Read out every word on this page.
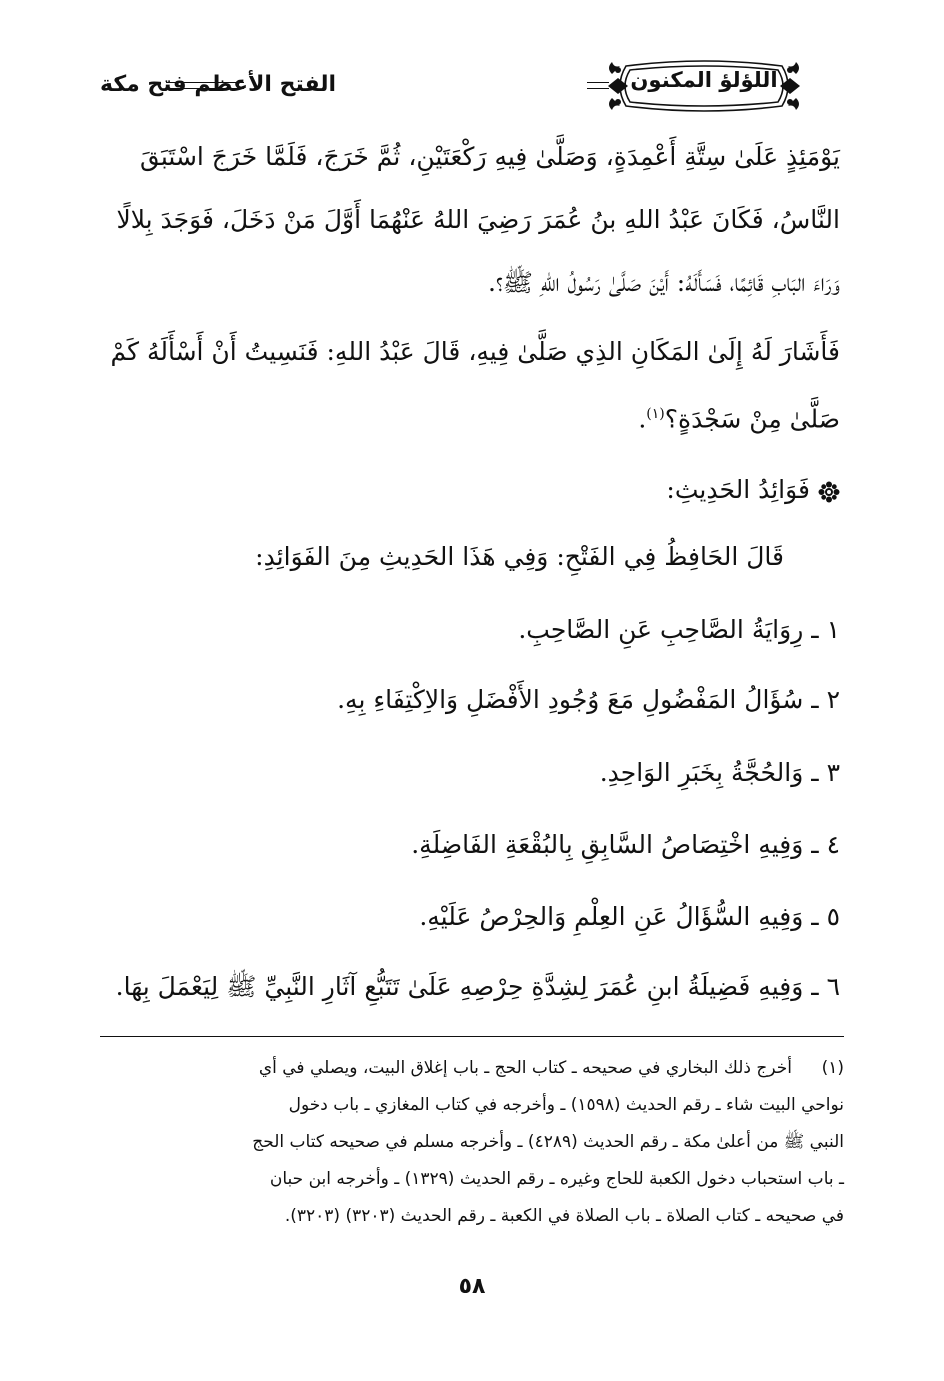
اللؤلؤ المكنون
الفتح الأعظم فتح مكة
يَوْمَئِذٍ عَلَىٰ سِتَّةِ أَعْمِدَةٍ، وَصَلَّىٰ فِيهِ رَكْعَتَيْنِ، ثُمَّ خَرَجَ، فَلَمَّا خَرَجَ اسْتَبَقَ
النَّاسُ، فَكَانَ عَبْدُ اللهِ بنُ عُمَرَ رَضِيَ اللهُ عَنْهُمَا أَوَّلَ مَنْ دَخَلَ، فَوَجَدَ بِلالًا
وَرَاءَ البَابِ قَائِمًا، فَسَأَلَهُ: أَيْنَ صَلَّىٰ رَسُولُ اللهِ ﷺ؟.
فَأَشَارَ لَهُ إِلَىٰ المَكَانِ الذِي صَلَّىٰ فِيهِ، قَالَ عَبْدُ اللهِ: فَنَسِيتُ أَنْ أَسْأَلَهُ كَمْ
صَلَّىٰ مِنْ سَجْدَةٍ؟$^{(١)}$.
فَوَائِدُ الحَدِيثِ:
قَالَ الحَافِظُ فِي الفَتْحِ: وَفِي هَذَا الحَدِيثِ مِنَ الفَوَائِدِ:
١ ـرِوَايَةُ الصَّاحِبِ عَنِ الصَّاحِبِ.
٢ ـسُؤَالُ المَفْضُولِ مَعَ وُجُودِ الأَفْضَلِ وَالاِكْتِفَاءِ بِهِ.
٣ ـوَالحُجَّةُ بِخَبَرِ الوَاحِدِ.
٤ ـوَفِيهِ اخْتِصَاصُ السَّابِقِ بِالبُقْعَةِ الفَاضِلَةِ.
٥ ـوَفِيهِ السُّؤَالُ عَنِ العِلْمِ وَالحِرْصُ عَلَيْهِ.
٦ ـوَفِيهِ فَضِيلَةُ ابنِ عُمَرَ لِشِدَّةِ حِرْصِهِ عَلَىٰ تَتَبُّعِ آثَارِ النَّبِيِّ ﷺ لِيَعْمَلَ بِهَا.
(١)أخرج ذلك البخاري في صحيحه ـ كتاب الحج ـ باب إغلاق البيت، ويصلي في أي
نواحي البيت شاء ـ رقم الحديث (١٥٩٨) ـ وأخرجه في كتاب المغازي ـ باب دخول
النبي ﷺ من أعلىٰ مكة ـ رقم الحديث (٤٢٨٩) ـ وأخرجه مسلم في صحيحه كتاب الحج
ـ باب استحباب دخول الكعبة للحاج وغيره ـ رقم الحديث (١٣٢٩) ـ وأخرجه ابن حبان
في صحيحه ـ كتاب الصلاة ـ باب الصلاة في الكعبة ـ رقم الحديث (٣٢٠٣) (٣٢٠٣).
٥٨
